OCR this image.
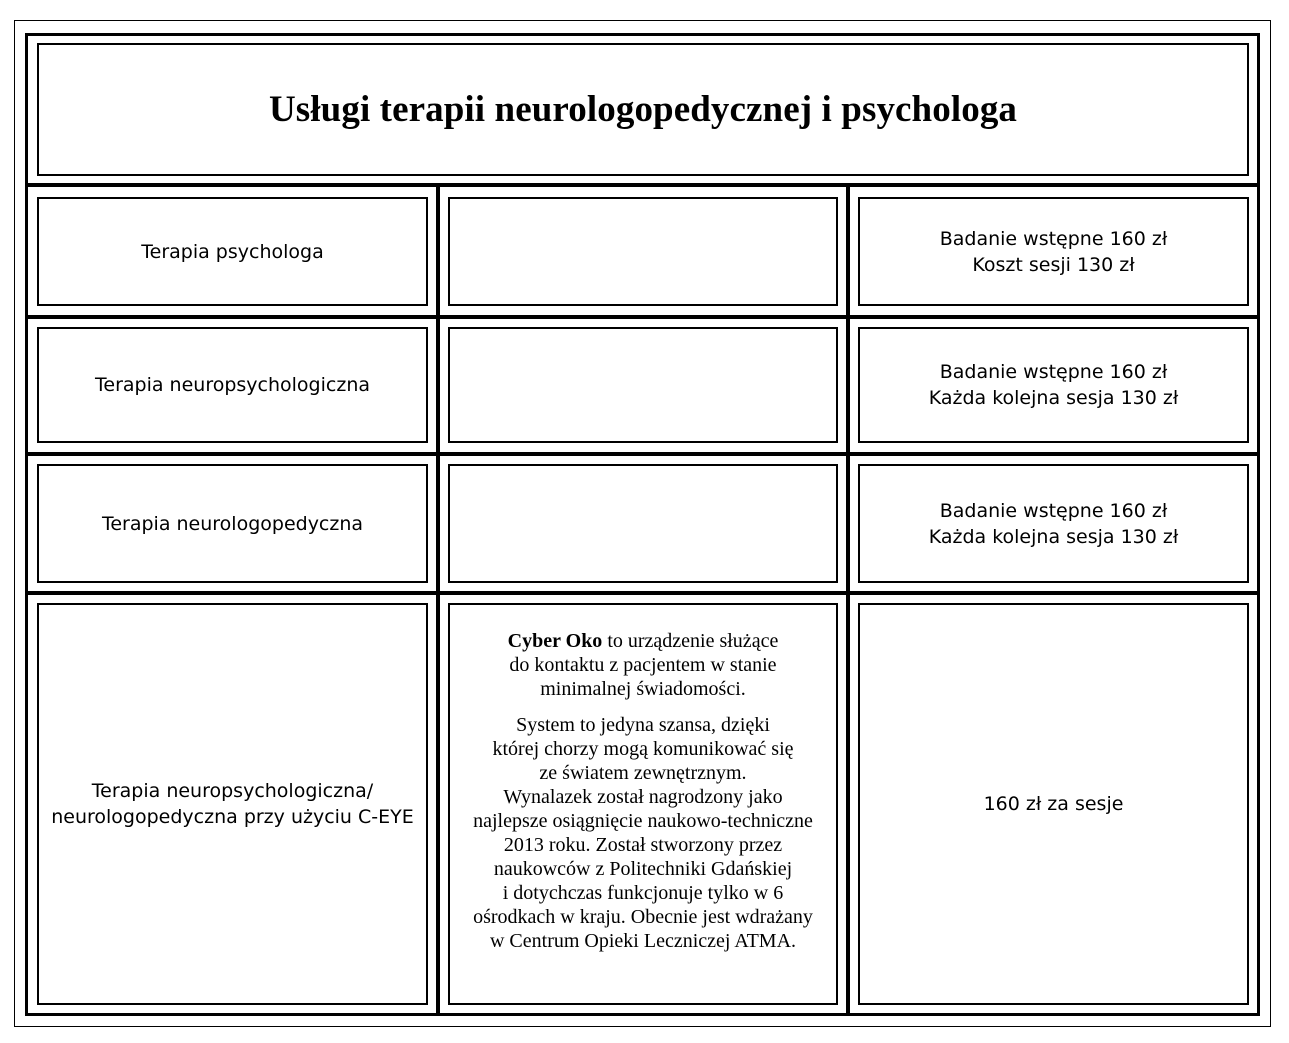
Usługi terapii neurologopedycznej i psychologa
Terapia psychologa
Badanie wstępne 160 zł
Koszt sesji 130 zł
Terapia neuropsychologiczna
Badanie wstępne 160 zł
Każda kolejna sesja 130 zł
Terapia neurologopedyczna
Badanie wstępne 160 zł
Każda kolejna sesja 130 zł
Terapia neuropsychologiczna/
neurologopedyczna przy użyciu C-EYE

Cyber Oko to urządzenie służące
do kontaktu z pacjentem w stanie
minimalnej świadomości.

System to jedyna szansa, dzięki
której chorzy mogą komunikować się
ze światem zewnętrznym.
Wynalazek został nagrodzony jako
najlepsze osiągnięcie naukowo-techniczne
2013 roku. Został stworzony przez
naukowców z Politechniki Gdańskiej
i dotychczas funkcjonuje tylko w 6
ośrodkach w kraju. Obecnie jest wdrażany
w Centrum Opieki Leczniczej ATMA.

160 zł za sesje
